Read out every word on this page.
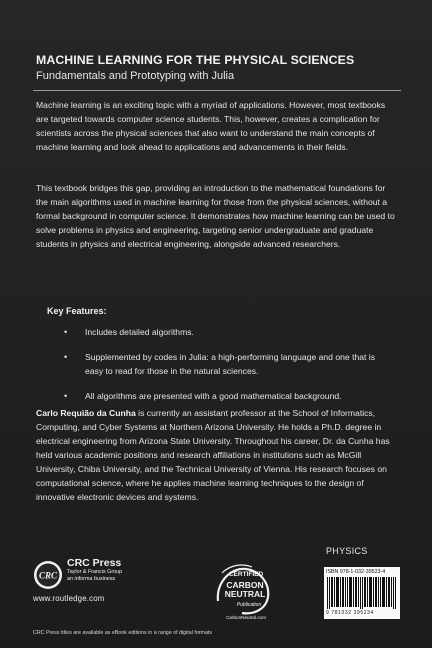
MACHINE LEARNING FOR THE PHYSICAL SCIENCES
Fundamentals and Prototyping with Julia
Machine learning is an exciting topic with a myriad of applications. However, most textbooks are targeted towards computer science students. This, however, creates a complication for scientists across the physical sciences that also want to understand the main concepts of machine learning and look ahead to applications and advancements in their fields.
This textbook bridges this gap, providing an introduction to the mathematical foundations for the main algorithms used in machine learning for those from the physical sciences, without a formal background in computer science. It demonstrates how machine learning can be used to solve problems in physics and engineering, targeting senior undergraduate and graduate students in physics and electrical engineering, alongside advanced researchers.
Key Features:
• Includes detailed algorithms.
• Supplemented by codes in Julia: a high-performing language and one that is easy to read for those in the natural sciences.
• All algorithms are presented with a good mathematical background.
Carlo Requião da Cunha is currently an assistant professor at the School of Informatics, Computing, and Cyber Systems at Northern Arizona University. He holds a Ph.D. degree in electrical engineering from Arizona State University. Throughout his career, Dr. da Cunha has held various academic positions and research affiliations in institutions such as McGill University, Chiba University, and the Technical University of Vienna. His research focuses on computational science, where he applies machine learning techniques to the design of innovative electronic devices and systems.
PHYSICS
CRC
CRC Press
Taylor & Francis Group
an informa business
www.routledge.com
CERTIFIED
CARBON
NEUTRAL
Publication
CarbonNeutral.com
ISBN 978-1-032-39523-4
9 781032 395234
CRC Press titles are available as eBook editions in a range of digital formats
